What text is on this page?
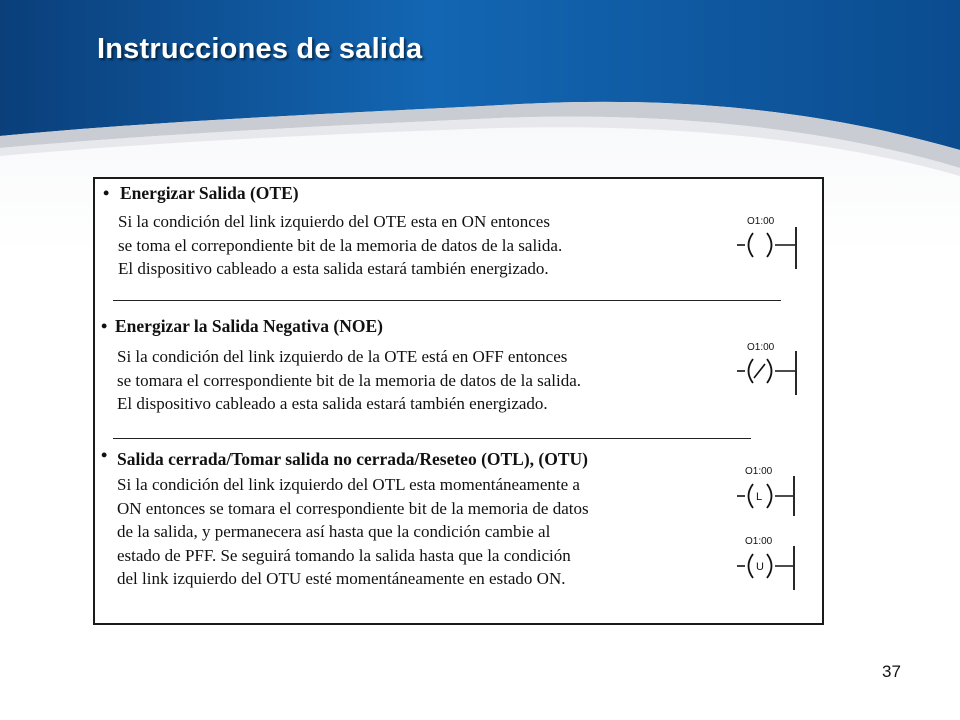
Instrucciones de salida
• Energizar Salida (OTE)
Si la condición del link izquierdo del OTE esta en ON entonces
se toma el correpondiente bit de la memoria de datos de la salida.
El dispositivo cableado a esta salida estará también energizado.
O1:00
• Energizar la Salida Negativa (NOE)
Si la condición del link izquierdo de la OTE está en OFF entonces
se tomara el correspondiente bit de la memoria de datos de la salida.
El dispositivo cableado a esta salida estará también energizado.
O1:00
• Salida cerrada/Tomar salida no cerrada/Reseteo (OTL), (OTU)
Si la condición del link izquierdo del OTL esta momentáneamente a
ON entonces se tomara el correspondiente bit de la memoria de datos
de la salida, y permanecera así hasta que la condición cambie al
estado de PFF. Se seguirá tomando la salida hasta que la condición
del link izquierdo del OTU esté momentáneamente en estado ON.
O1:00
L
O1:00
U
37
